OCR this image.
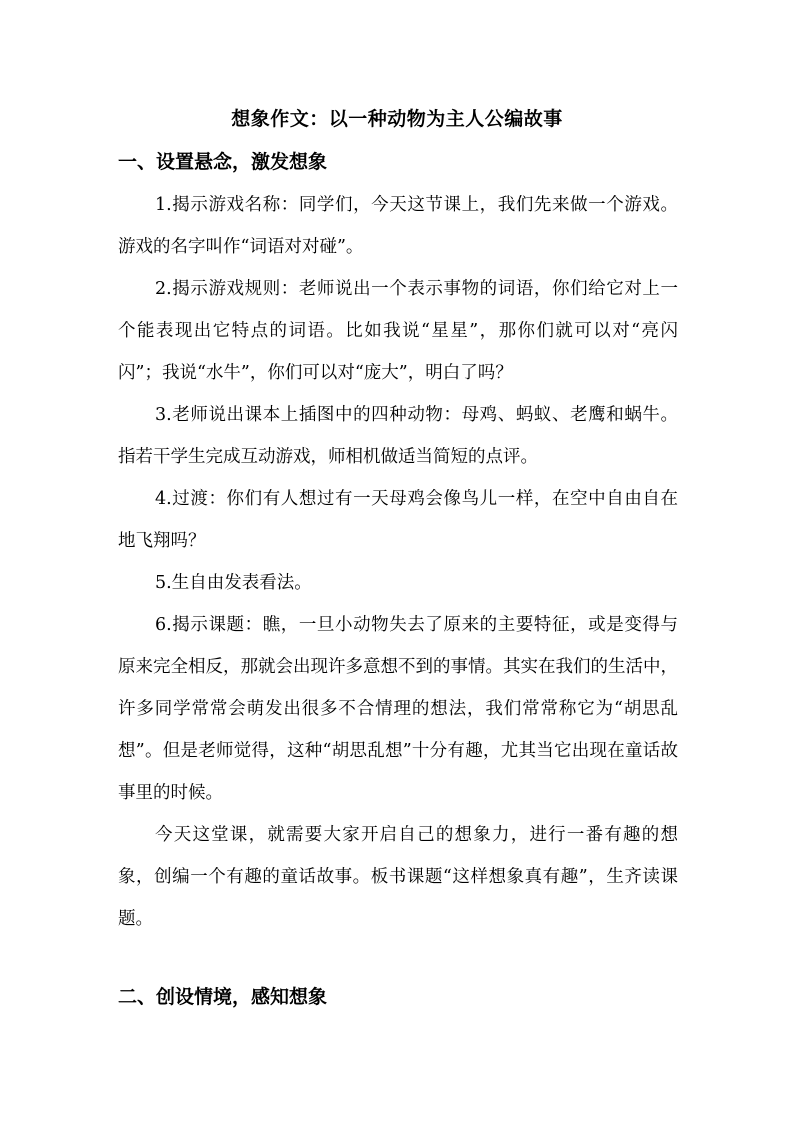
想象作文：以一种动物为主人公编故事
一、设置悬念，激发想象

1.揭示游戏名称：同学们，今天这节课上，我们先来做一个游戏。游戏的名字叫作“词语对对碰”。

2.揭示游戏规则：老师说出一个表示事物的词语，你们给它对上一个能表现出它特点的词语。比如我说“星星”，那你们就可以对“亮闪闪”；我说“水牛”，你们可以对“庞大”，明白了吗？

3.老师说出课本上插图中的四种动物：母鸡、蚂蚁、老鹰和蜗牛。指若干学生完成互动游戏，师相机做适当简短的点评。

4.过渡：你们有人想过有一天母鸡会像鸟儿一样，在空中自由自在地飞翔吗？

5.生自由发表看法。

6.揭示课题：瞧，一旦小动物失去了原来的主要特征，或是变得与原来完全相反，那就会出现许多意想不到的事情。其实在我们的生活中，许多同学常常会萌发出很多不合情理的想法，我们常常称它为“胡思乱想”。但是老师觉得，这种“胡思乱想”十分有趣，尤其当它出现在童话故事里的时候。

今天这堂课，就需要大家开启自己的想象力，进行一番有趣的想象，创编一个有趣的童话故事。板书课题“这样想象真有趣”，生齐读课题。

二、创设情境，感知想象
